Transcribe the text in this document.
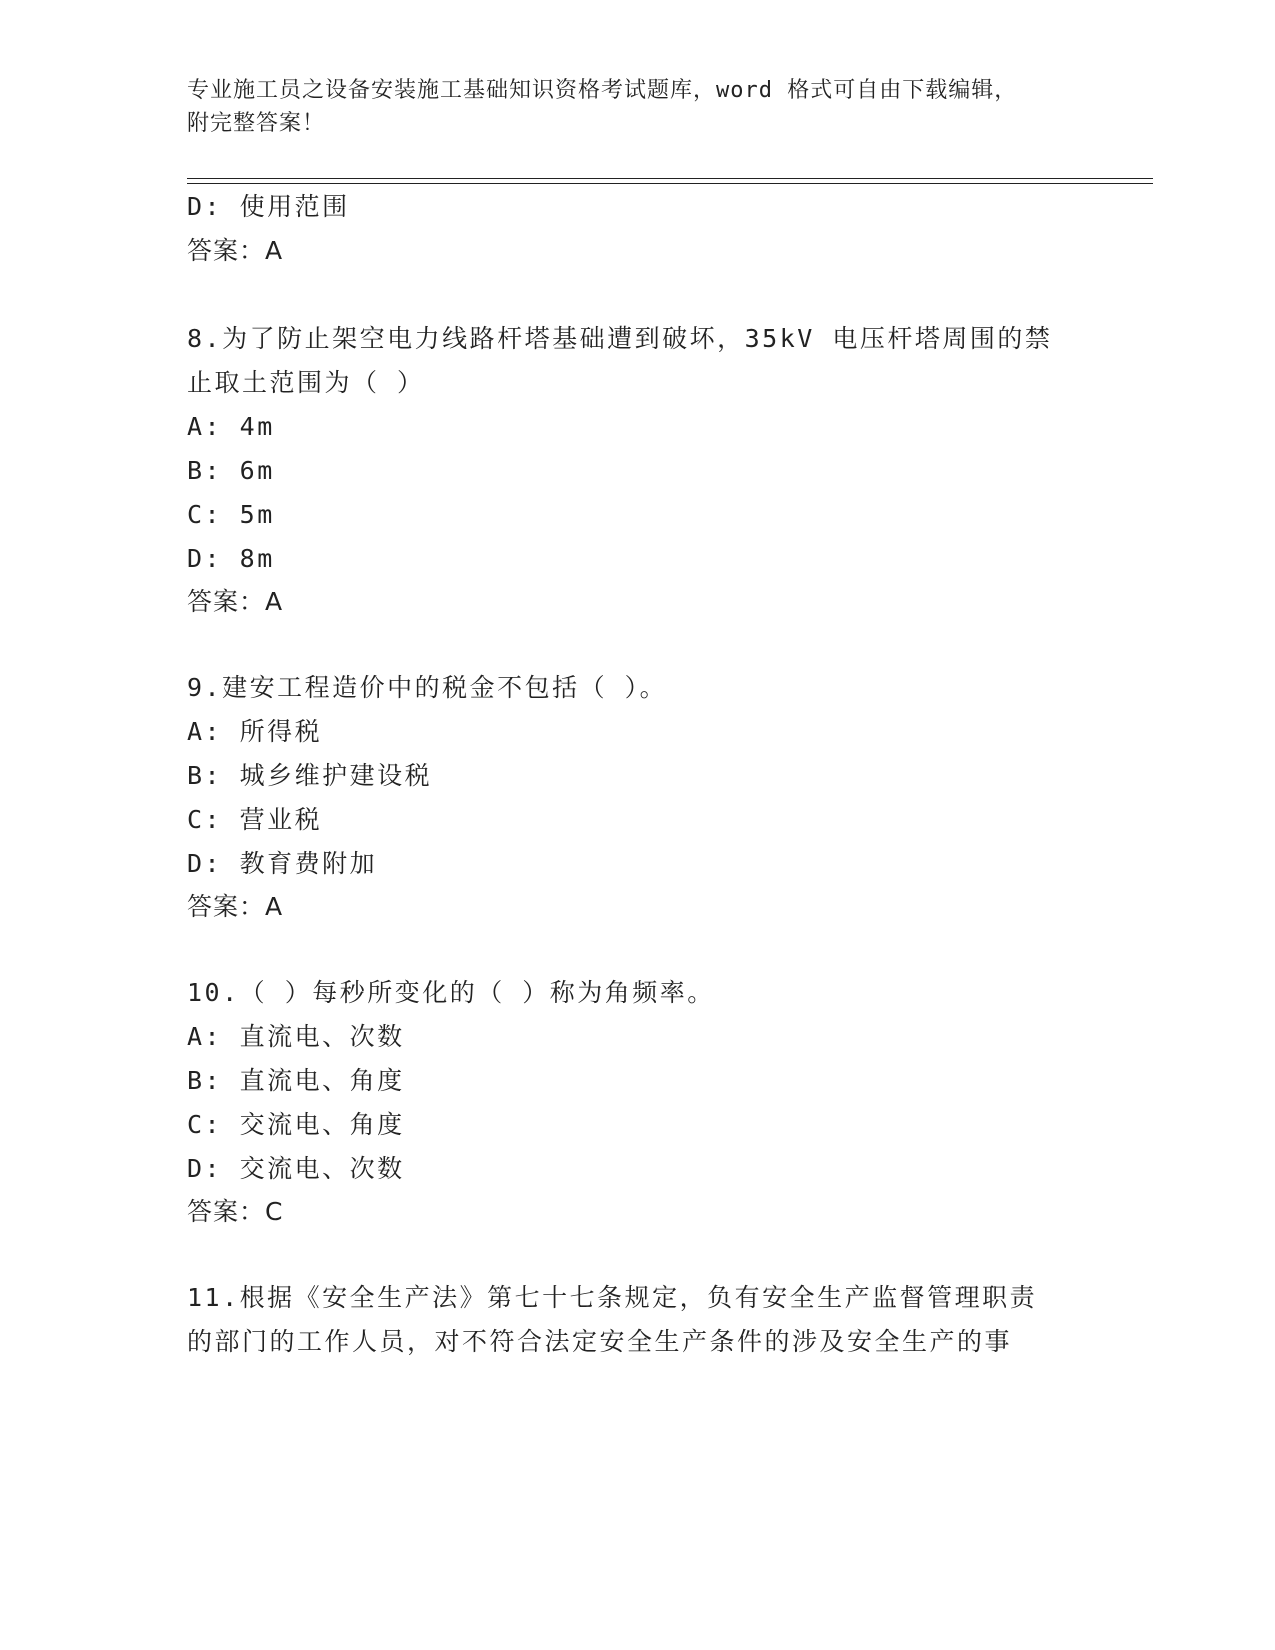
专业施工员之设备安装施工基础知识资格考试题库，word 格式可自由下载编辑，
附完整答案！
D: 使用范围
答案：A
8.为了防止架空电力线路杆塔基础遭到破坏，35kV 电压杆塔周围的禁
止取土范围为（ ）
A: 4m
B: 6m
C: 5m
D: 8m
答案：A
9.建安工程造价中的税金不包括（ ）。
A: 所得税
B: 城乡维护建设税
C: 营业税
D: 教育费附加
答案：A
10.（ ）每秒所变化的（ ）称为角频率。
A: 直流电、次数
B: 直流电、角度
C: 交流电、角度
D: 交流电、次数
答案：C
11.根据《安全生产法》第七十七条规定，负有安全生产监督管理职责
的部门的工作人员，对不符合法定安全生产条件的涉及安全生产的事
